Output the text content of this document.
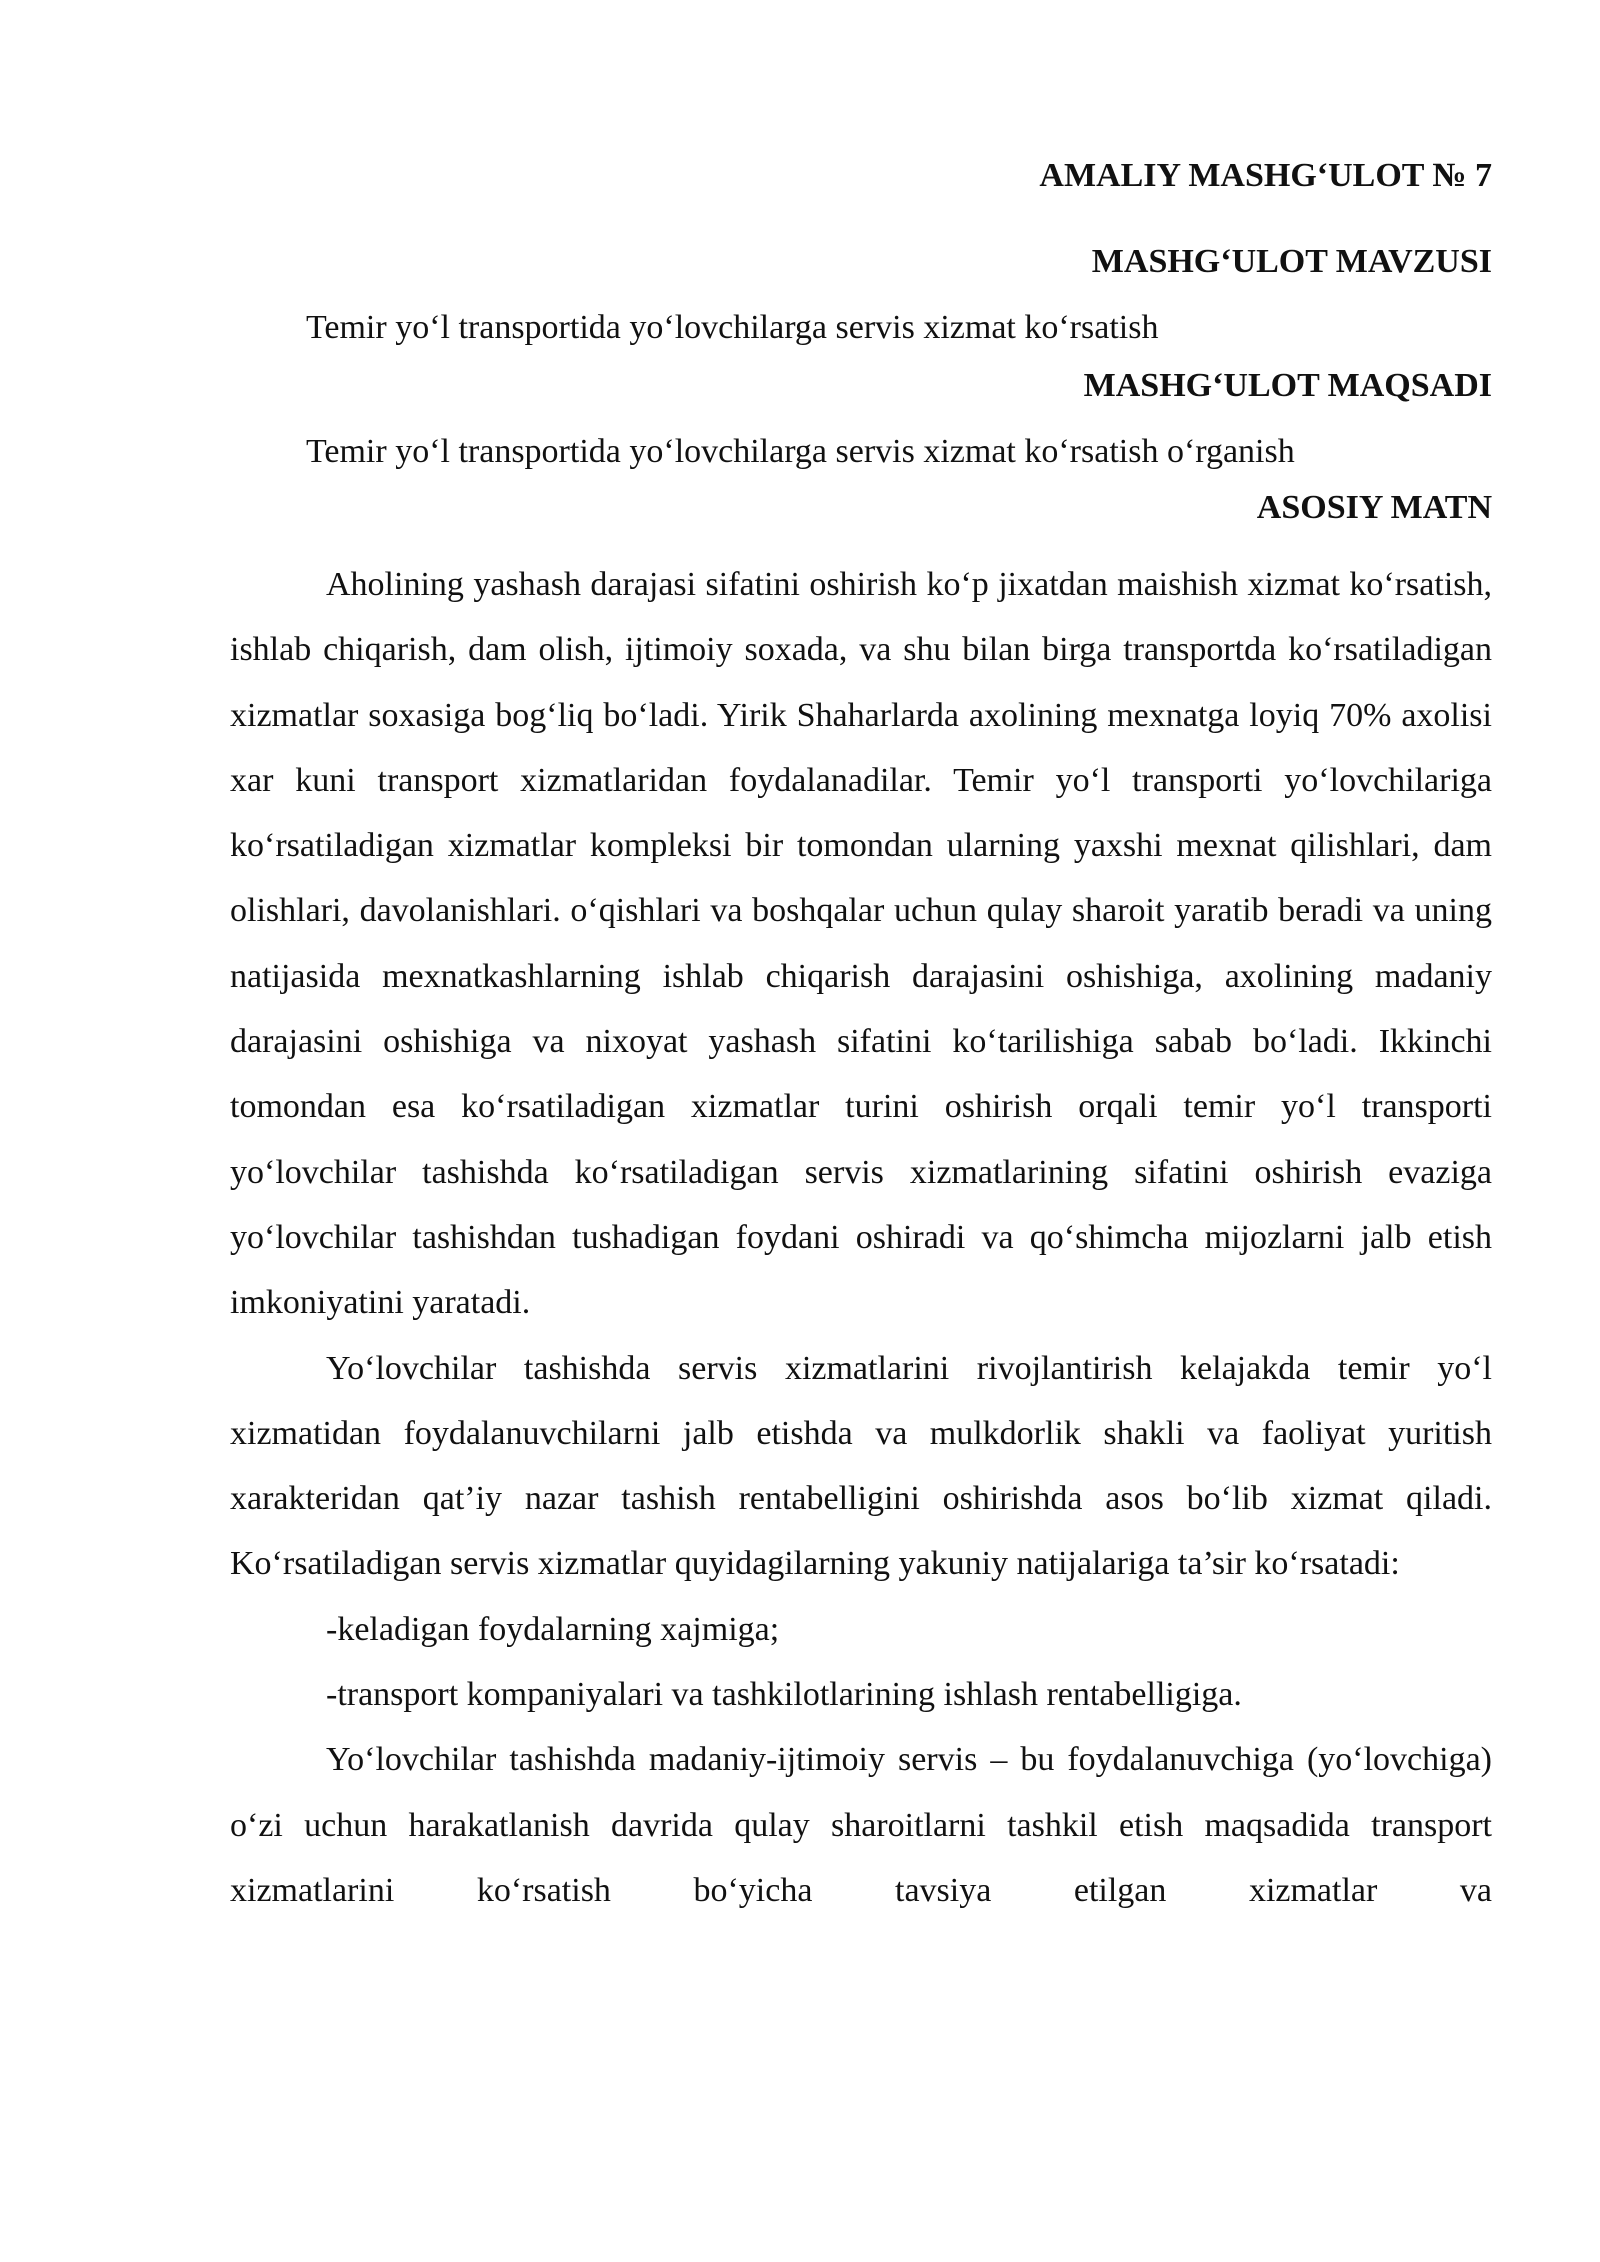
AMALIY MASHG‘ULOT № 7
MASHG‘ULOT MAVZUSI

Temir yo‘l transportida yo‘lovchilarga servis xizmat ko‘rsatish

MASHG‘ULOT MAQSADI

Temir yo‘l transportida yo‘lovchilarga servis xizmat ko‘rsatish o‘rganish

ASOSIY MATN

Aholining yashash darajasi sifatini oshirish ko‘p jixatdan maishish xizmat ko‘rsatish, ishlab chiqarish, dam olish, ijtimoiy soxada, va shu bilan birga transportda ko‘rsatiladigan xizmatlar soxasiga bog‘liq bo‘ladi. Yirik Shaharlarda axolining mexnatga loyiq 70% axolisi xar kuni transport xizmatlaridan foydalanadilar. Temir yo‘l transporti yo‘lovchilariga ko‘rsatiladigan xizmatlar kompleksi bir tomondan ularning yaxshi mexnat qilishlari, dam olishlari, davolanishlari. o‘qishlari va boshqalar uchun qulay sharoit yaratib beradi va uning natijasida mexnatkashlarning ishlab chiqarish darajasini oshishiga, axolining madaniy darajasini oshishiga va nixoyat yashash sifatini ko‘tarilishiga sabab bo‘ladi. Ikkinchi tomondan esa ko‘rsatiladigan xizmatlar turini oshirish orqali temir yo‘l transporti yo‘lovchilar tashishda ko‘rsatiladigan servis xizmatlarining sifatini oshirish evaziga yo‘lovchilar tashishdan tushadigan foydani oshiradi va qo‘shimcha mijozlarni jalb etish imkoniyatini yaratadi.

Yo‘lovchilar tashishda servis xizmatlarini rivojlantirish kelajakda temir yo‘l xizmatidan foydalanuvchilarni jalb etishda va mulkdorlik shakli va faoliyat yuritish xarakteridan qat’iy nazar tashish rentabelligini oshirishda asos bo‘lib xizmat qiladi. Ko‘rsatiladigan servis xizmatlar quyidagilarning yakuniy natijalariga ta’sir ko‘rsatadi:

-keladigan foydalarning xajmiga;

-transport kompaniyalari va tashkilotlarining ishlash rentabelligiga.

Yo‘lovchilar tashishda madaniy-ijtimoiy servis – bu foydalanuvchiga (yo‘lovchiga) o‘zi uchun harakatlanish davrida qulay sharoitlarni tashkil etish maqsadida transport xizmatlarini ko‘rsatish bo‘yicha tavsiya etilgan xizmatlar va
